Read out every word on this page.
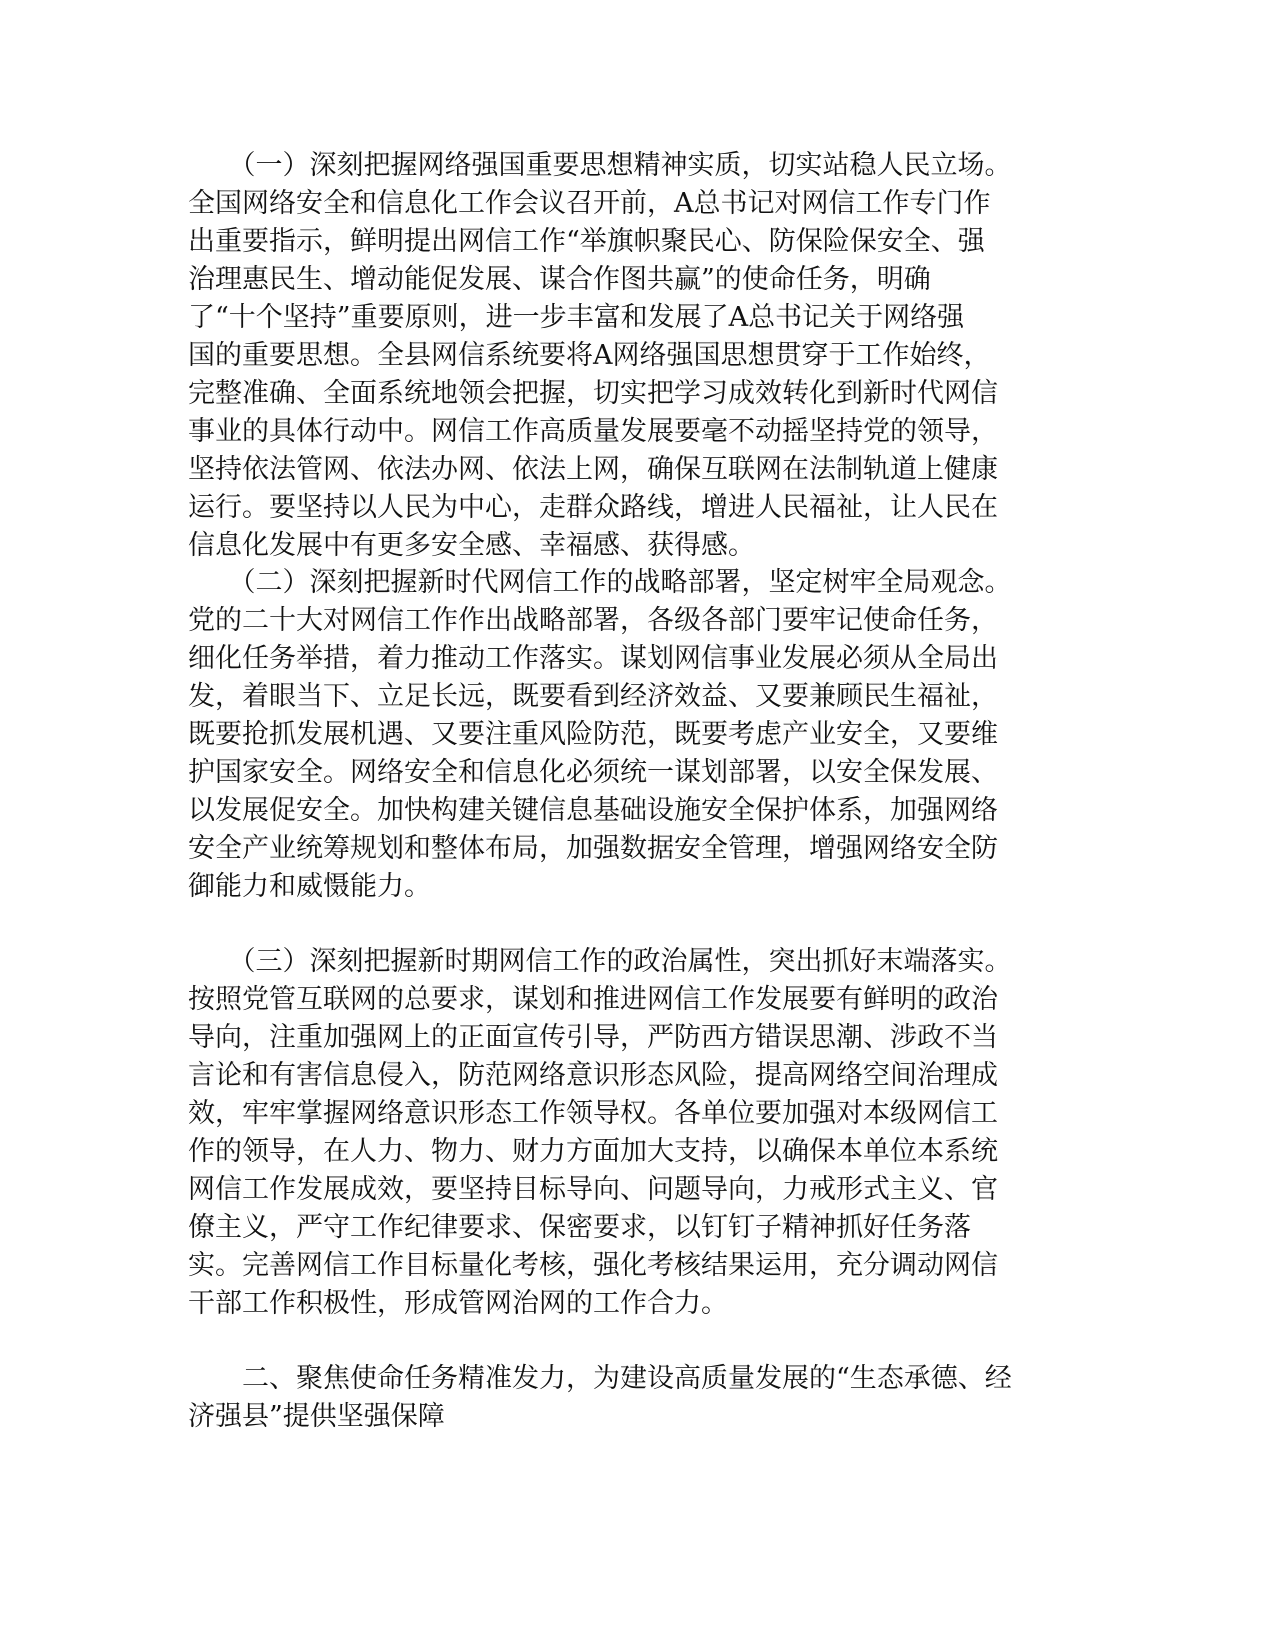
　　（一）深刻把握网络强国重要思想精神实质，切实站稳人民立场。
全国网络安全和信息化工作会议召开前，A总书记对网信工作专门作
出重要指示，鲜明提出网信工作“举旗帜聚民心、防保险保安全、强
治理惠民生、增动能促发展、谋合作图共赢”的使命任务，明确
了“十个坚持”重要原则，进一步丰富和发展了A总书记关于网络强
国的重要思想。全县网信系统要将A网络强国思想贯穿于工作始终，
完整准确、全面系统地领会把握，切实把学习成效转化到新时代网信
事业的具体行动中。网信工作高质量发展要毫不动摇坚持党的领导，
坚持依法管网、依法办网、依法上网，确保互联网在法制轨道上健康
运行。要坚持以人民为中心，走群众路线，增进人民福祉，让人民在
信息化发展中有更多安全感、幸福感、获得感。
　　（二）深刻把握新时代网信工作的战略部署，坚定树牢全局观念。
党的二十大对网信工作作出战略部署，各级各部门要牢记使命任务，
细化任务举措，着力推动工作落实。谋划网信事业发展必须从全局出
发，着眼当下、立足长远，既要看到经济效益、又要兼顾民生福祉，
既要抢抓发展机遇、又要注重风险防范，既要考虑产业安全，又要维
护国家安全。网络安全和信息化必须统一谋划部署，以安全保发展、
以发展促安全。加快构建关键信息基础设施安全保护体系，加强网络
安全产业统筹规划和整体布局，加强数据安全管理，增强网络安全防
御能力和威慑能力。
　　（三）深刻把握新时期网信工作的政治属性，突出抓好末端落实。
按照党管互联网的总要求，谋划和推进网信工作发展要有鲜明的政治
导向，注重加强网上的正面宣传引导，严防西方错误思潮、涉政不当
言论和有害信息侵入，防范网络意识形态风险，提高网络空间治理成
效，牢牢掌握网络意识形态工作领导权。各单位要加强对本级网信工
作的领导，在人力、物力、财力方面加大支持，以确保本单位本系统
网信工作发展成效，要坚持目标导向、问题导向，力戒形式主义、官
僚主义，严守工作纪律要求、保密要求，以钉钉子精神抓好任务落
实。完善网信工作目标量化考核，强化考核结果运用，充分调动网信
干部工作积极性，形成管网治网的工作合力。
　　二、聚焦使命任务精准发力，为建设高质量发展的“生态承德、经
济强县”提供坚强保障
